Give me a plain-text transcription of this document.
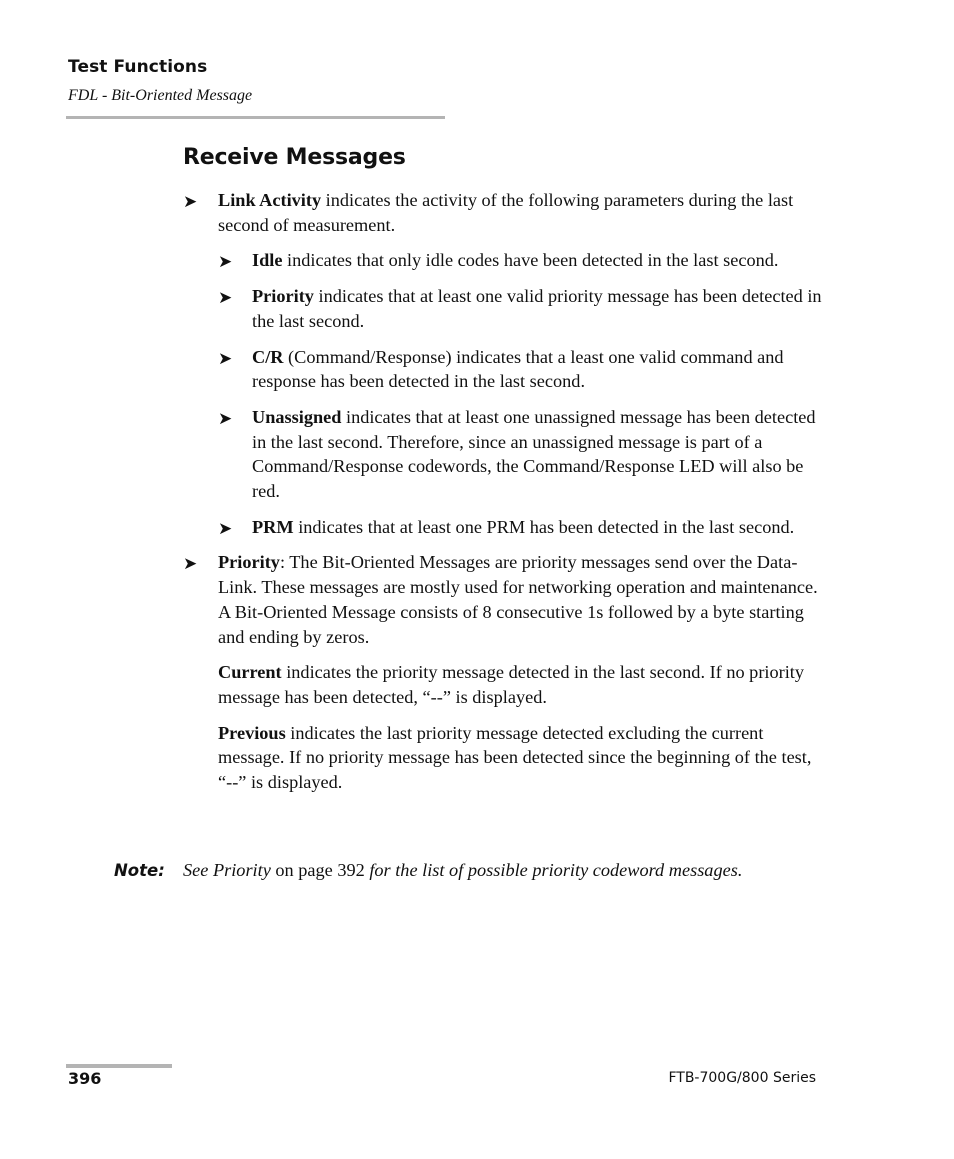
Test Functions
FDL - Bit-Oriented Message
Receive Messages
➤ Link Activity indicates the activity of the following parameters during the last second of measurement.
➤ Idle indicates that only idle codes have been detected in the last second.
➤ Priority indicates that at least one valid priority message has been detected in the last second.
➤ C/R (Command/Response) indicates that a least one valid command and response has been detected in the last second.
➤ Unassigned indicates that at least one unassigned message has been detected in the last second. Therefore, since an unassigned message is part of a Command/Response codewords, the Command/Response LED will also be red.
➤ PRM indicates that at least one PRM has been detected in the last second.
➤ Priority: The Bit-Oriented Messages are priority messages send over the Data-Link. These messages are mostly used for networking operation and maintenance. A Bit-Oriented Message consists of 8 consecutive 1s followed by a byte starting and ending by zeros.
Current indicates the priority message detected in the last second. If no priority message has been detected, “--” is displayed.
Previous indicates the last priority message detected excluding the current message. If no priority message has been detected since the beginning of the test, “--” is displayed.
Note: See Priority on page 392 for the list of possible priority codeword messages.
396	FTB-700G/800 Series
